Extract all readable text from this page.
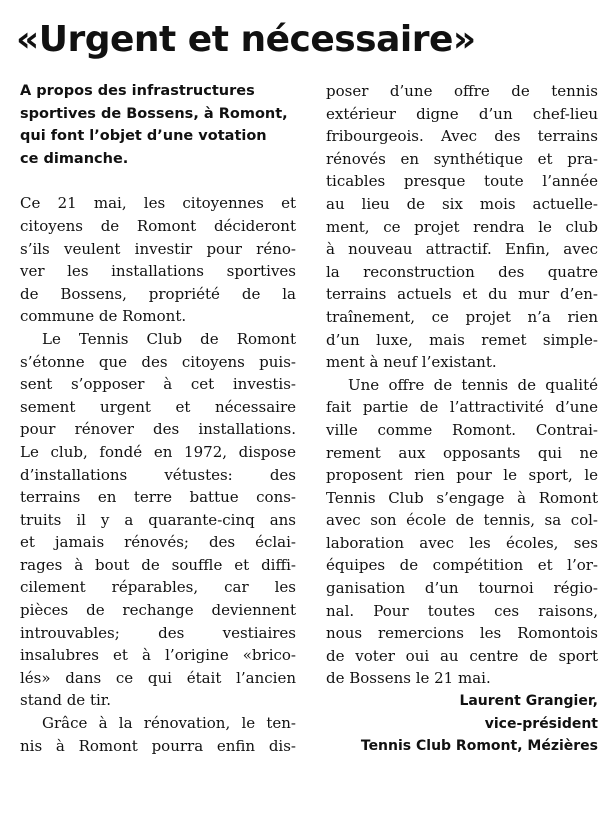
«Urgent et nécessaire»
A propos des infrastructures
sportives de Bossens, à Romont,
qui font l’objet d’une votation
ce dimanche.
Ce 21 mai, les citoyennes et
citoyens de Romont décideront
s’ils veulent investir pour réno-
ver les installations sportives
de Bossens, propriété de la
commune de Romont.
Le Tennis Club de Romont
s’étonne que des citoyens puis-
sent s’opposer à cet investis-
sement urgent et nécessaire
pour rénover des installations.
Le club, fondé en 1972, dispose
d’installations vétustes: des
terrains en terre battue cons-
truits il y a quarante-cinq ans
et jamais rénovés; des éclai-
rages à bout de souffle et diffi-
cilement réparables, car les
pièces de rechange deviennent
introuvables; des vestiaires
insalubres et à l’origine «brico-
lés» dans ce qui était l’ancien
stand de tir.
Grâce à la rénovation, le ten-
nis à Romont pourra enfin dis-
poser d’une offre de tennis
extérieur digne d’un chef-lieu
fribourgeois. Avec des terrains
rénovés en synthétique et pra-
ticables presque toute l’année
au lieu de six mois actuelle-
ment, ce projet rendra le club
à nouveau attractif. Enfin, avec
la reconstruction des quatre
terrains actuels et du mur d’en-
traînement, ce projet n’a rien
d’un luxe, mais remet simple-
ment à neuf l’existant.
Une offre de tennis de qualité
fait partie de l’attractivité d’une
ville comme Romont. Contrai-
rement aux opposants qui ne
proposent rien pour le sport, le
Tennis Club s’engage à Romont
avec son école de tennis, sa col-
laboration avec les écoles, ses
équipes de compétition et l’or-
ganisation d’un tournoi régio-
nal. Pour toutes ces raisons,
nous remercions les Romontois
de voter oui au centre de sport
de Bossens le 21 mai.
Laurent Grangier,
vice-président
Tennis Club Romont, Mézières
